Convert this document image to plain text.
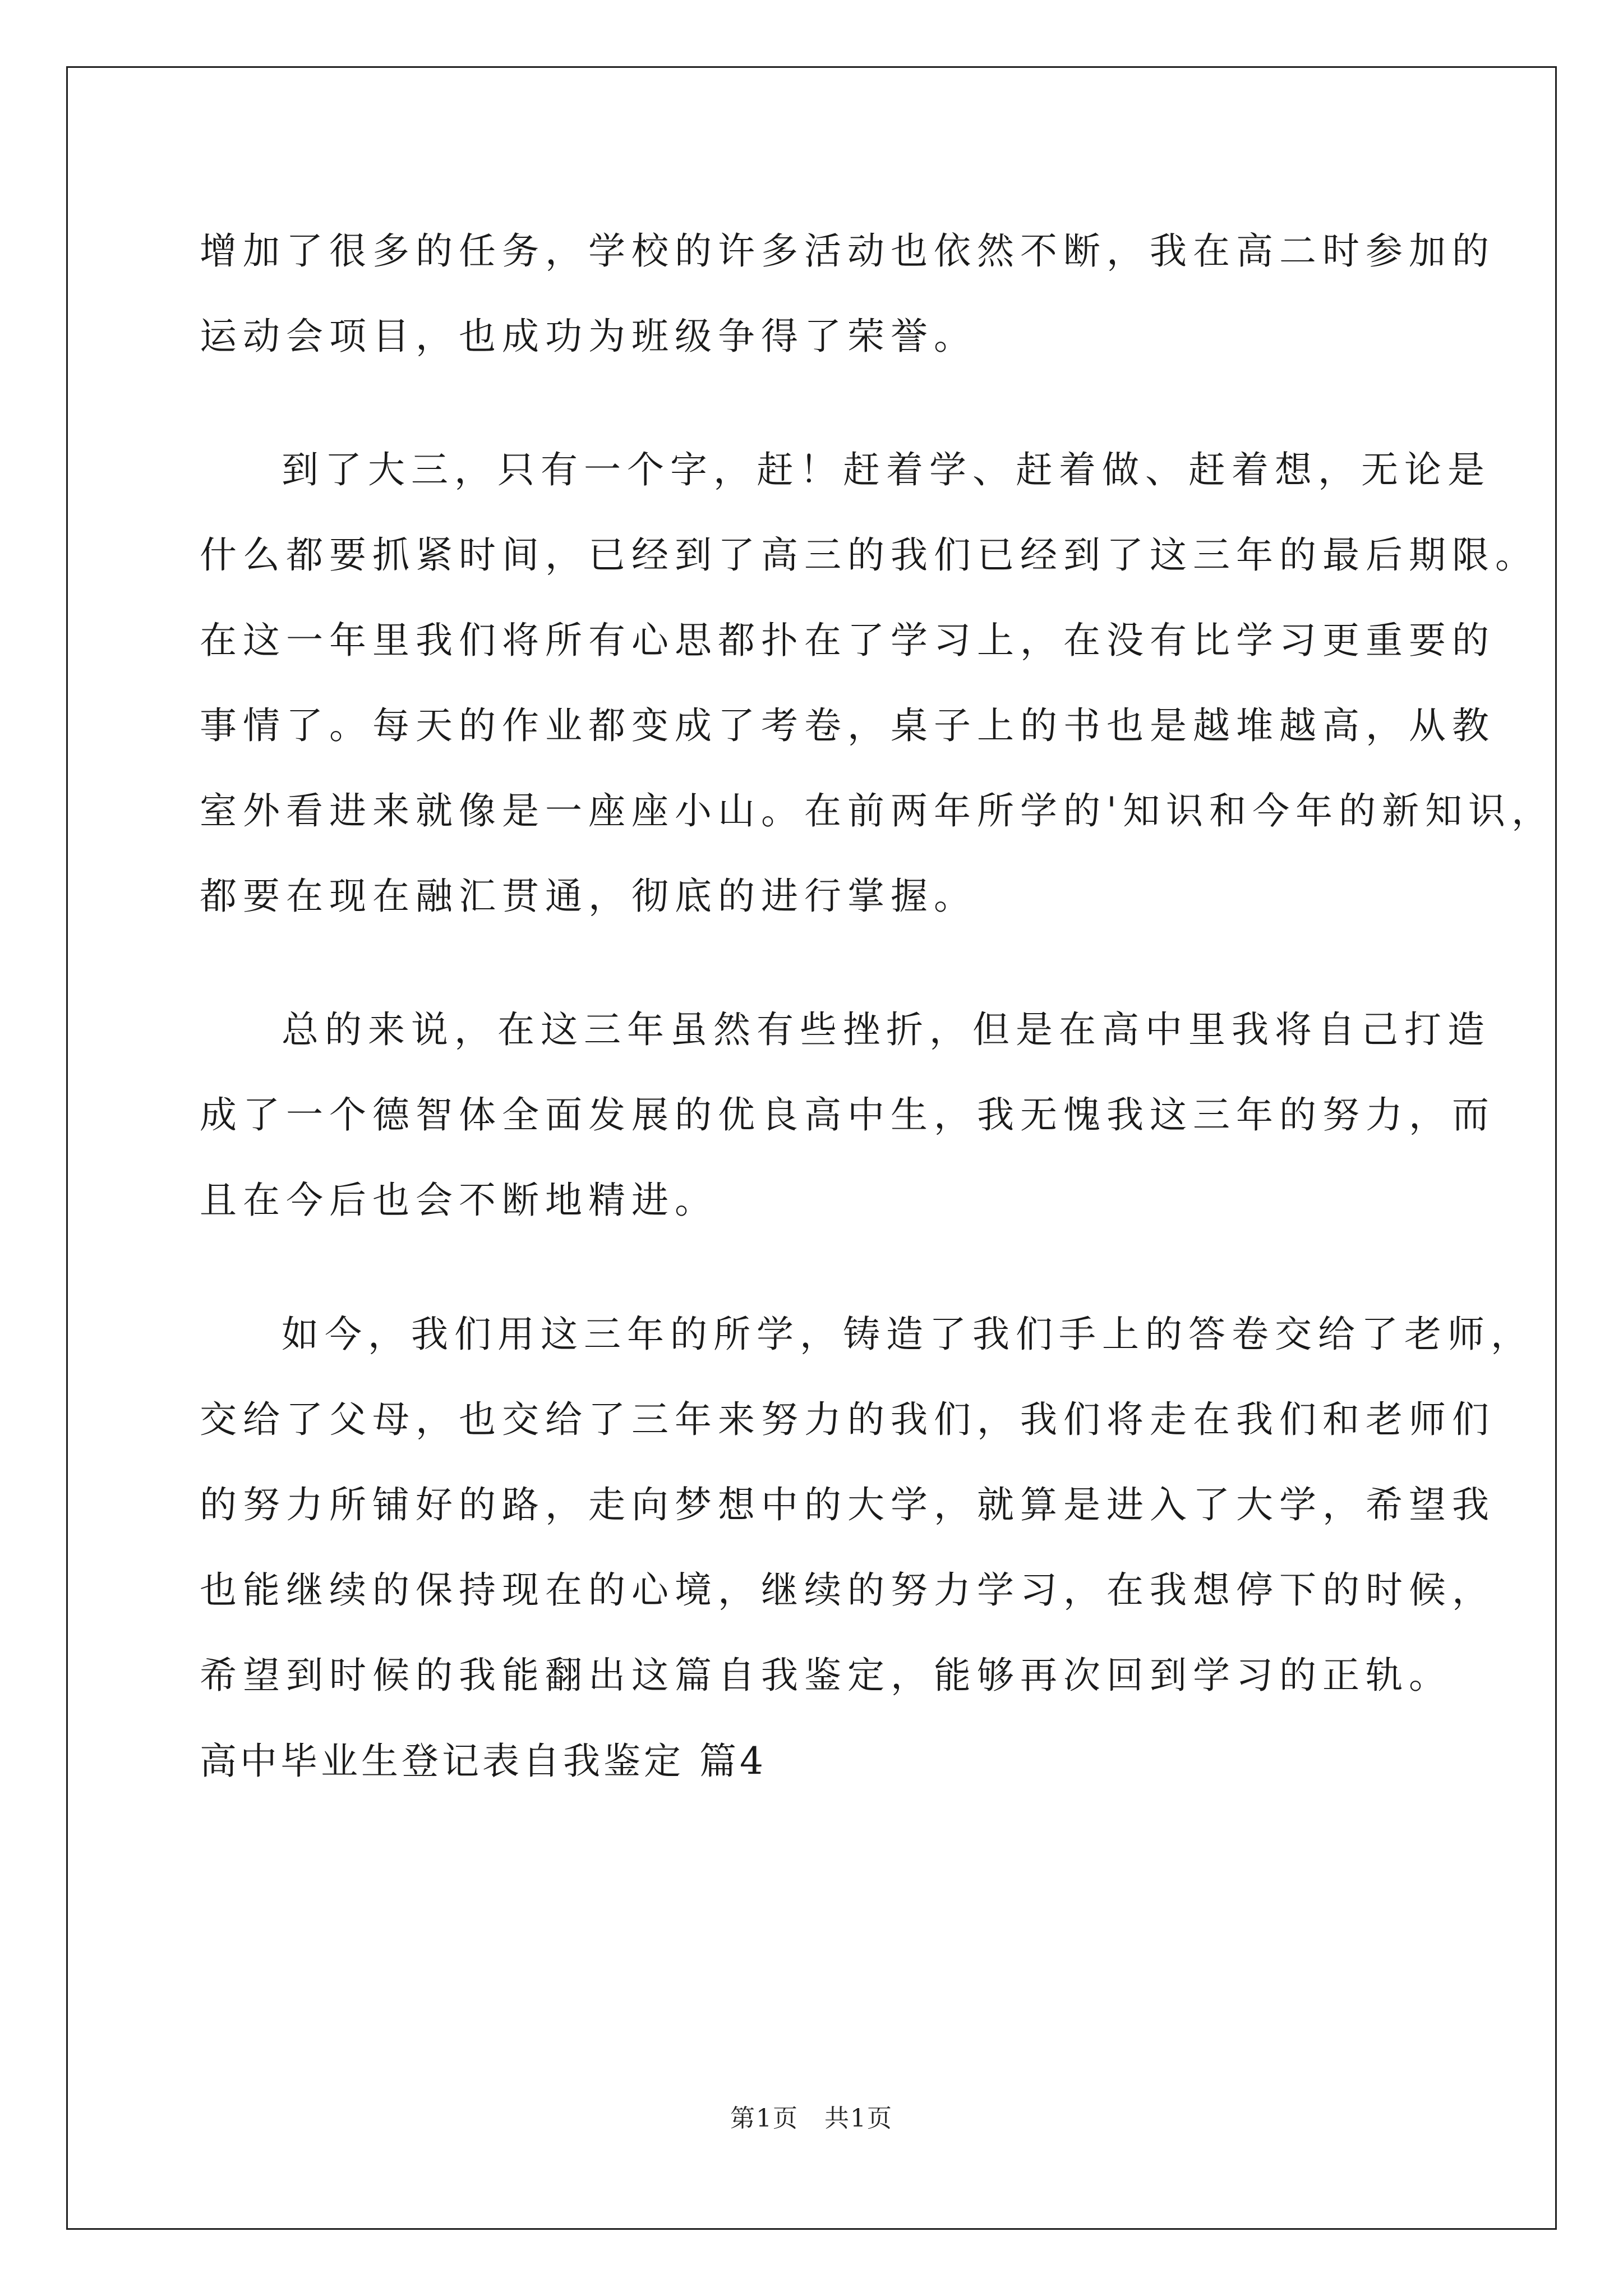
增加了很多的任务，学校的许多活动也依然不断，我在高二时参加的
运动会项目，也成功为班级争得了荣誉。
到了大三，只有一个字，赶！赶着学、赶着做、赶着想，无论是
什么都要抓紧时间，已经到了高三的我们已经到了这三年的最后期限。
在这一年里我们将所有心思都扑在了学习上，在没有比学习更重要的
事情了。每天的作业都变成了考卷，桌子上的书也是越堆越高，从教
室外看进来就像是一座座小山。在前两年所学的'知识和今年的新知识，
都要在现在融汇贯通，彻底的进行掌握。
总的来说，在这三年虽然有些挫折，但是在高中里我将自己打造
成了一个德智体全面发展的优良高中生，我无愧我这三年的努力，而
且在今后也会不断地精进。
如今，我们用这三年的所学，铸造了我们手上的答卷交给了老师，
交给了父母，也交给了三年来努力的我们，我们将走在我们和老师们
的努力所铺好的路，走向梦想中的大学，就算是进入了大学，希望我
也能继续的保持现在的心境，继续的努力学习，在我想停下的时候，
希望到时候的我能翻出这篇自我鉴定，能够再次回到学习的正轨。
高中毕业生登记表自我鉴定 篇4
第1页　共1页
